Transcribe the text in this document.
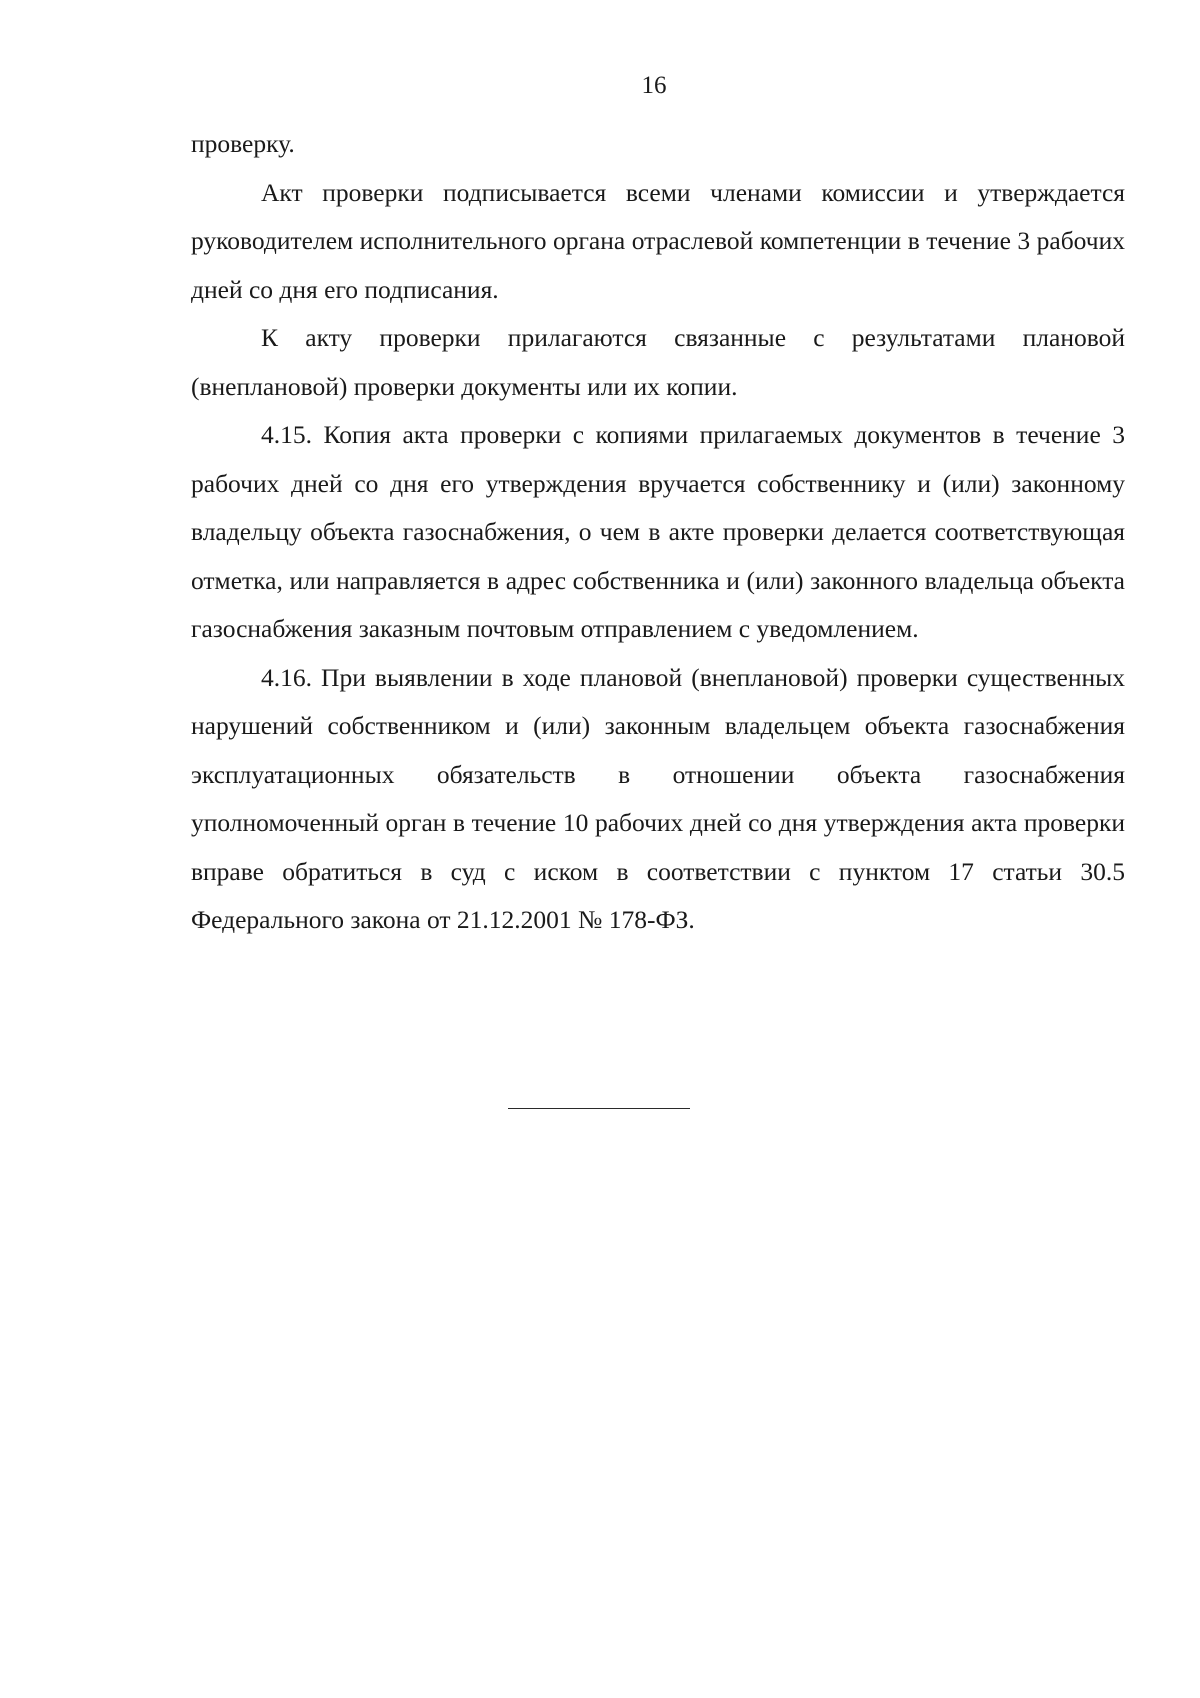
16

проверку.

Акт проверки подписывается всеми членами комиссии и утверждается руководителем исполнительного органа отраслевой компетенции в течение 3 рабочих дней со дня его подписания.

К акту проверки прилагаются связанные с результатами плановой (внеплановой) проверки документы или их копии.

4.15. Копия акта проверки с копиями прилагаемых документов в течение 3 рабочих дней со дня его утверждения вручается собственнику и (или) законному владельцу объекта газоснабжения, о чем в акте проверки делается соответствующая отметка, или направляется в адрес собственника и (или) законного владельца объекта газоснабжения заказным почтовым отправлением с уведомлением.

4.16. При выявлении в ходе плановой (внеплановой) проверки существенных нарушений собственником и (или) законным владельцем объекта газоснабжения эксплуатационных обязательств в отношении объекта газоснабжения уполномоченный орган в течение 10 рабочих дней со дня утверждения акта проверки вправе обратиться в суд с иском в соответствии с пунктом 17 статьи 30.5 Федерального закона от 21.12.2001 № 178-ФЗ.
